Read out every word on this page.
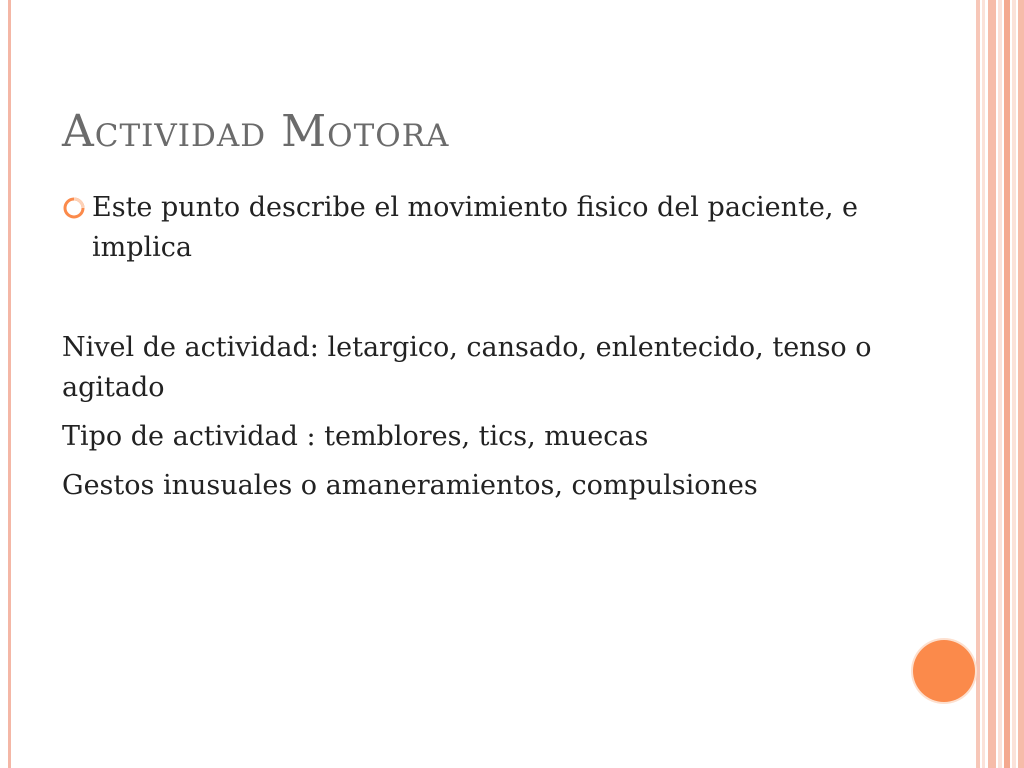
Actividad Motora
Este punto describe el movimiento fisico del paciente, e implica

Nivel de actividad: letargico, cansado, enlentecido, tenso o agitado

Tipo de actividad : temblores, tics, muecas

Gestos inusuales o amaneramientos, compulsiones
